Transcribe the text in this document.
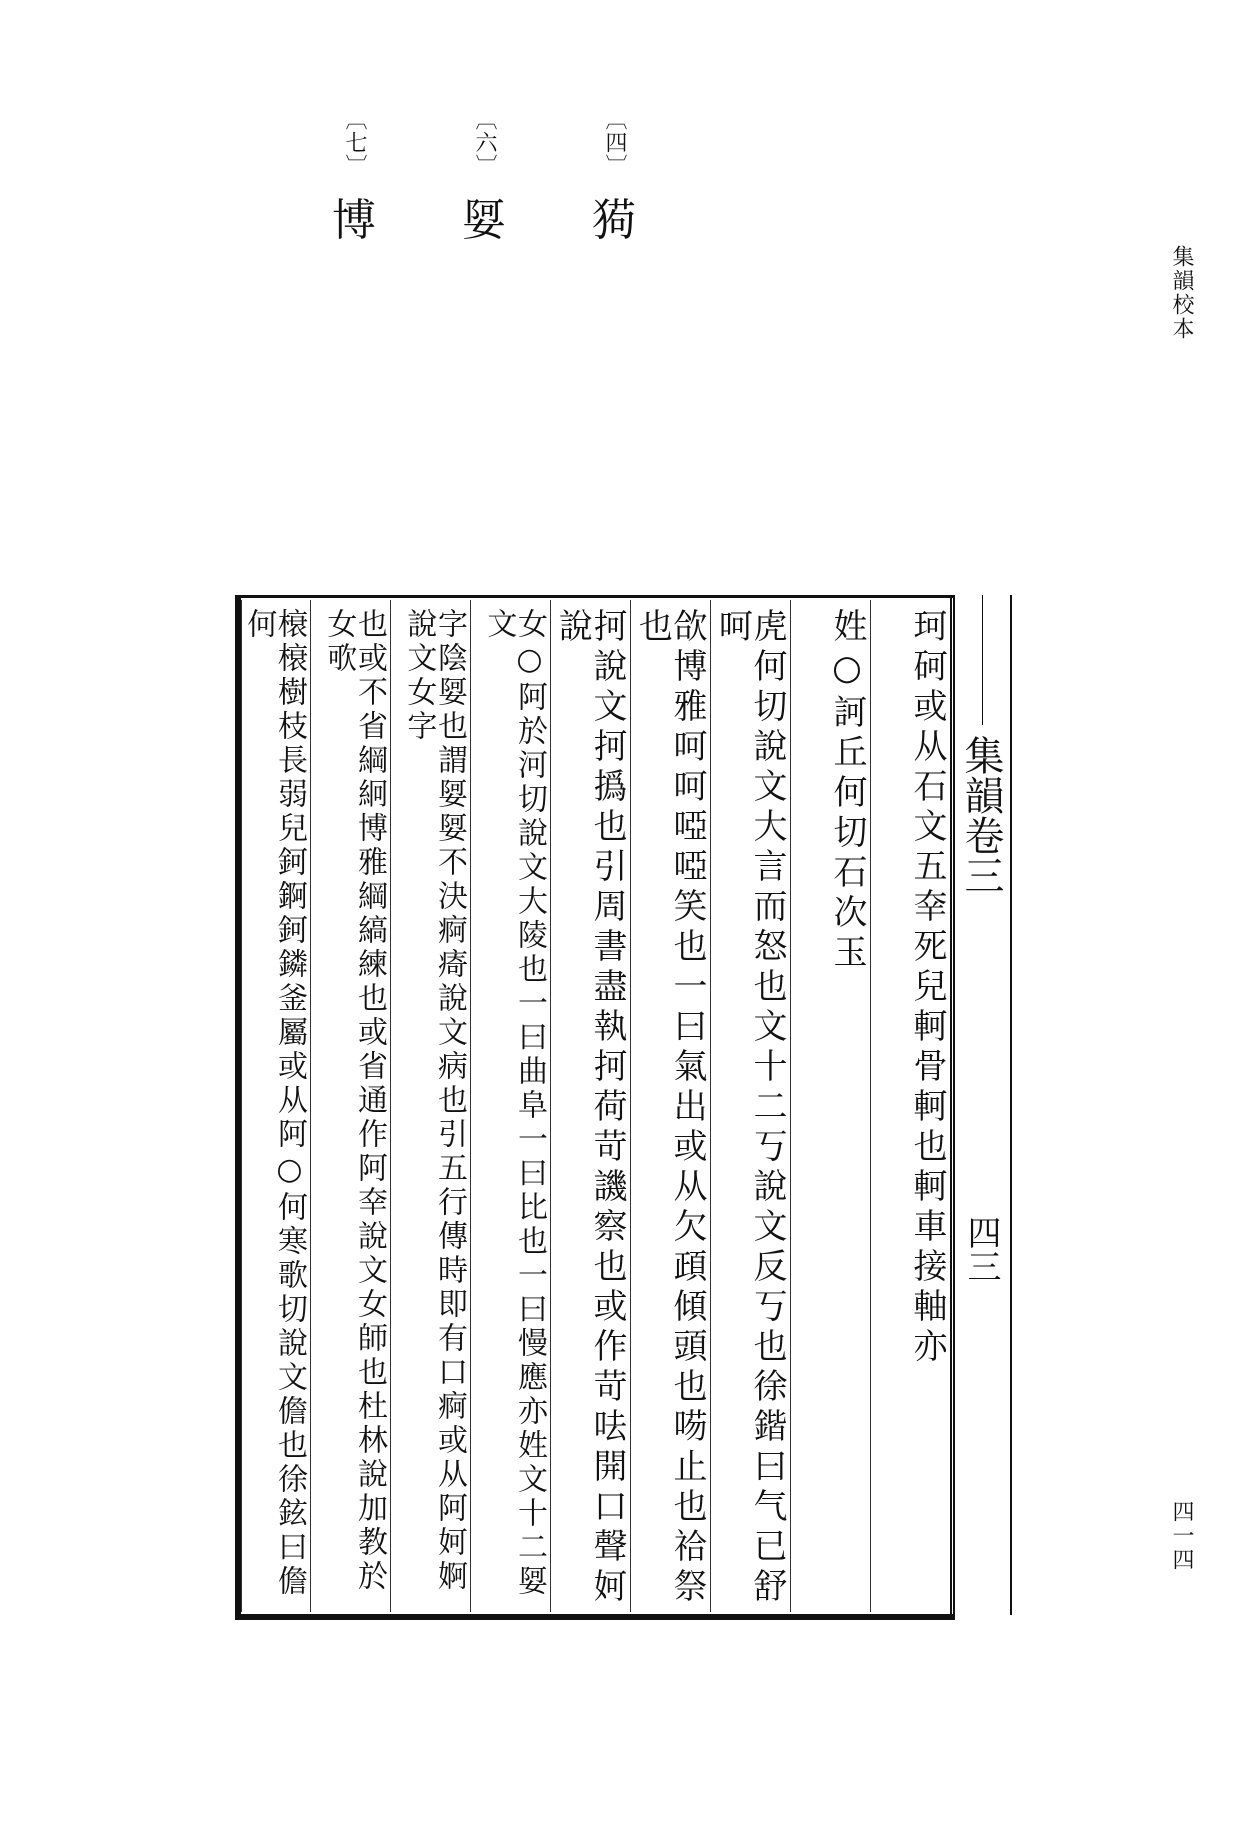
集韻校本
四一四
〔四〕
㺃
〔六〕
娿
〔七〕
博
集韻卷三
四三
珂砢或从石文五㚔死兒軻骨軻也軻車接軸亦
姓○訶丘何切石次玉
虎何切說文大言而怒也文十二丂說文反丂也徐鍇曰气已舒呵
欱博雅呵呵啞啞笑也一曰氣出或从欠頙傾頭也㖴止也祫祭也
抲說文抲撝也引周書盡執抲荷苛譏察也或作苛呿開口聲妸說
女○阿於河切說文大陵也一曰曲阜一曰比也一曰慢應亦姓文十二娿文
字陰娿也謂娿娿不決痾㾨說文病也引五行傳時即有口痾或从阿妸婀說文女字
也或不省綱絅博雅綱縞練也或省通作阿㚔說文女師也杜林說加教於女㰤
榱榱樹枝長弱兒鈳錒鈳鏻釜屬或从阿○何寒歌切說文儋也徐鉉曰儋何
